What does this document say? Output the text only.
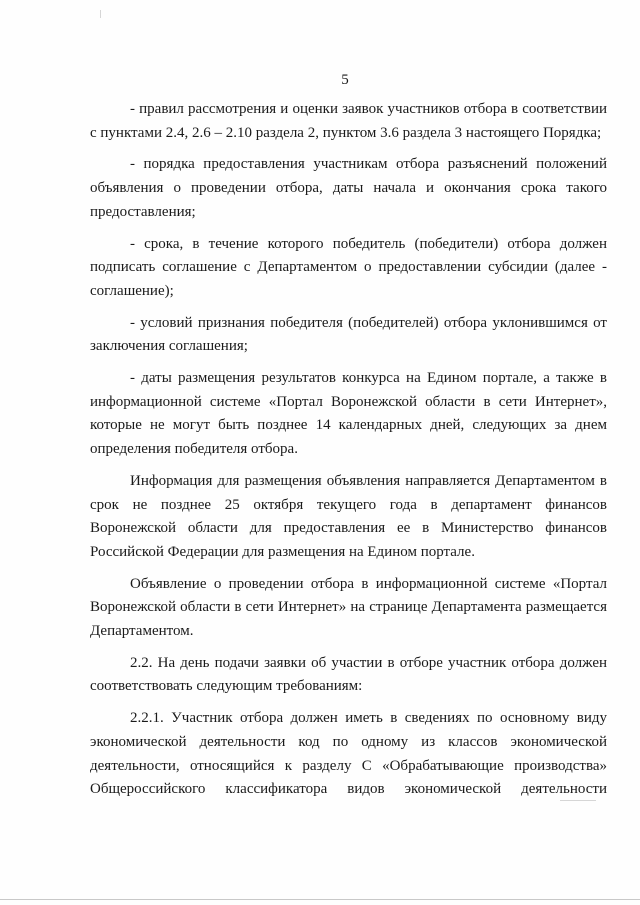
5

- правил рассмотрения и оценки заявок участников отбора в соответствии с пунктами 2.4, 2.6 – 2.10 раздела 2, пунктом 3.6 раздела 3 настоящего Порядка;

- порядка предоставления участникам отбора разъяснений положений объявления о проведении отбора, даты начала и окончания срока такого предоставления;

- срока, в течение которого победитель (победители) отбора должен подписать соглашение с Департаментом о предоставлении субсидии (далее - соглашение);

- условий признания победителя (победителей) отбора уклонившимся от заключения соглашения;

- даты размещения результатов конкурса на Едином портале, а также в информационной системе «Портал Воронежской области в сети Интернет», которые не могут быть позднее 14 календарных дней, следующих за днем определения победителя отбора.

Информация для размещения объявления направляется Департаментом в срок не позднее 25 октября текущего года в департамент финансов Воронежской области для предоставления ее в Министерство финансов Российской Федерации для размещения на Едином портале.

Объявление о проведении отбора в информационной системе «Портал Воронежской области в сети Интернет» на странице Департамента размещается Департаментом.

2.2. На день подачи заявки об участии в отборе участник отбора должен соответствовать следующим требованиям:

2.2.1. Участник отбора должен иметь в сведениях по основному виду экономической деятельности код по одному из классов экономической деятельности, относящийся к разделу С «Обрабатывающие производства» Общероссийского классификатора видов экономической деятельности
